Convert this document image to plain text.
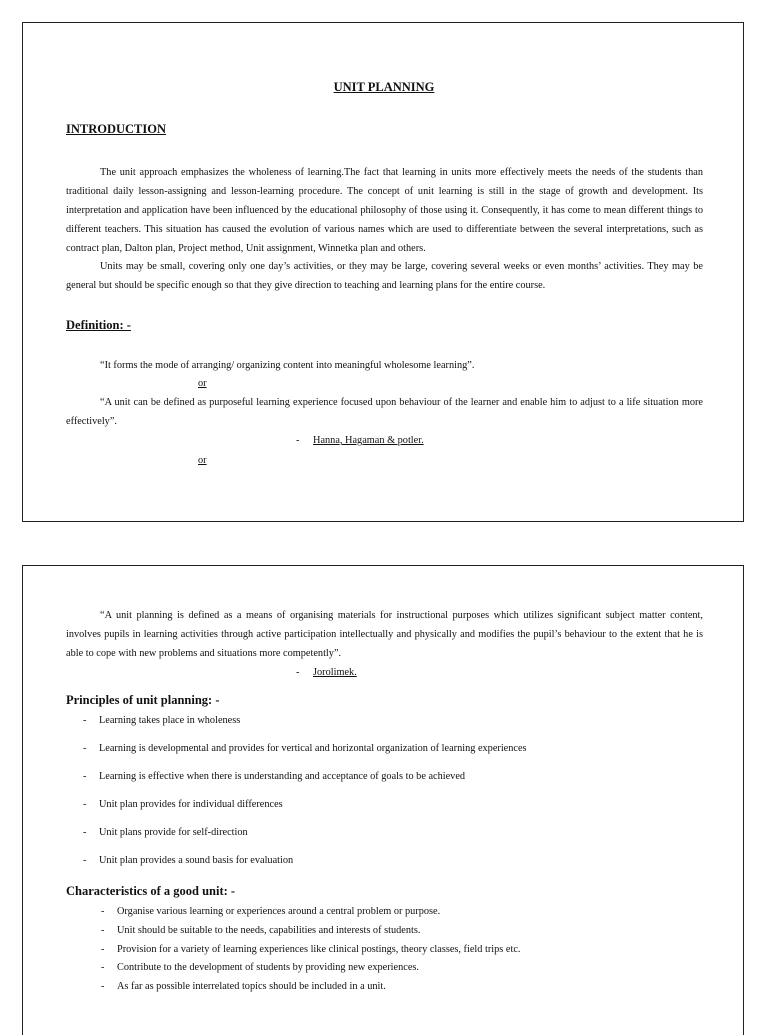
UNIT PLANNING
INTRODUCTION

The unit approach emphasizes the wholeness of learning.The fact that learning in units more effectively meets the needs of the students than traditional daily lesson-assigning and lesson-learning procedure. The concept of unit learning is still in the stage of growth and development. Its interpretation and application have been influenced by the educational philosophy of those using it. Consequently, it has come to mean different things to different teachers. This situation has caused the evolution of various names which are used to differentiate between the several interpretations, such as contract plan, Dalton plan, Project method, Unit assignment, Winnetka plan and others.

Units may be small, covering only one day’s activities, or they may be large, covering several weeks or even months’ activities. They may be general but should be specific enough so that they give direction to teaching and learning plans for the entire course.

Definition: -
“It forms the mode of arranging/ organizing content into meaningful wholesome learning”.
or

“A unit can be defined as purposeful learning experience focused upon behaviour of the learner and enable him to adjust to a life situation more effectively”.

- Hanna, Hagaman & potler.
or

“A unit planning is defined as a means of organising materials for instructional purposes which utilizes significant subject matter content, involves pupils in learning activities through active participation intellectually and physically and modifies the pupil’s behaviour to the extent that he is able to cope with new problems and situations more competently”.

- Jorolimek.
Principles of unit planning: -
- Learning takes place in wholeness
- Learning is developmental and provides for vertical and horizontal organization of learning experiences
- Learning is effective when there is understanding and acceptance of goals to be achieved
- Unit plan provides for individual differences
- Unit plans provide for self-direction
- Unit plan provides a sound basis for evaluation
Characteristics of a good unit: -
- Organise various learning or experiences around a central problem or purpose.
- Unit should be suitable to the needs, capabilities and interests of students.
- Provision for a variety of learning experiences like clinical postings, theory classes, field trips etc.
- Contribute to the development of students by providing new experiences.
- As far as possible interrelated topics should be included in a unit.
